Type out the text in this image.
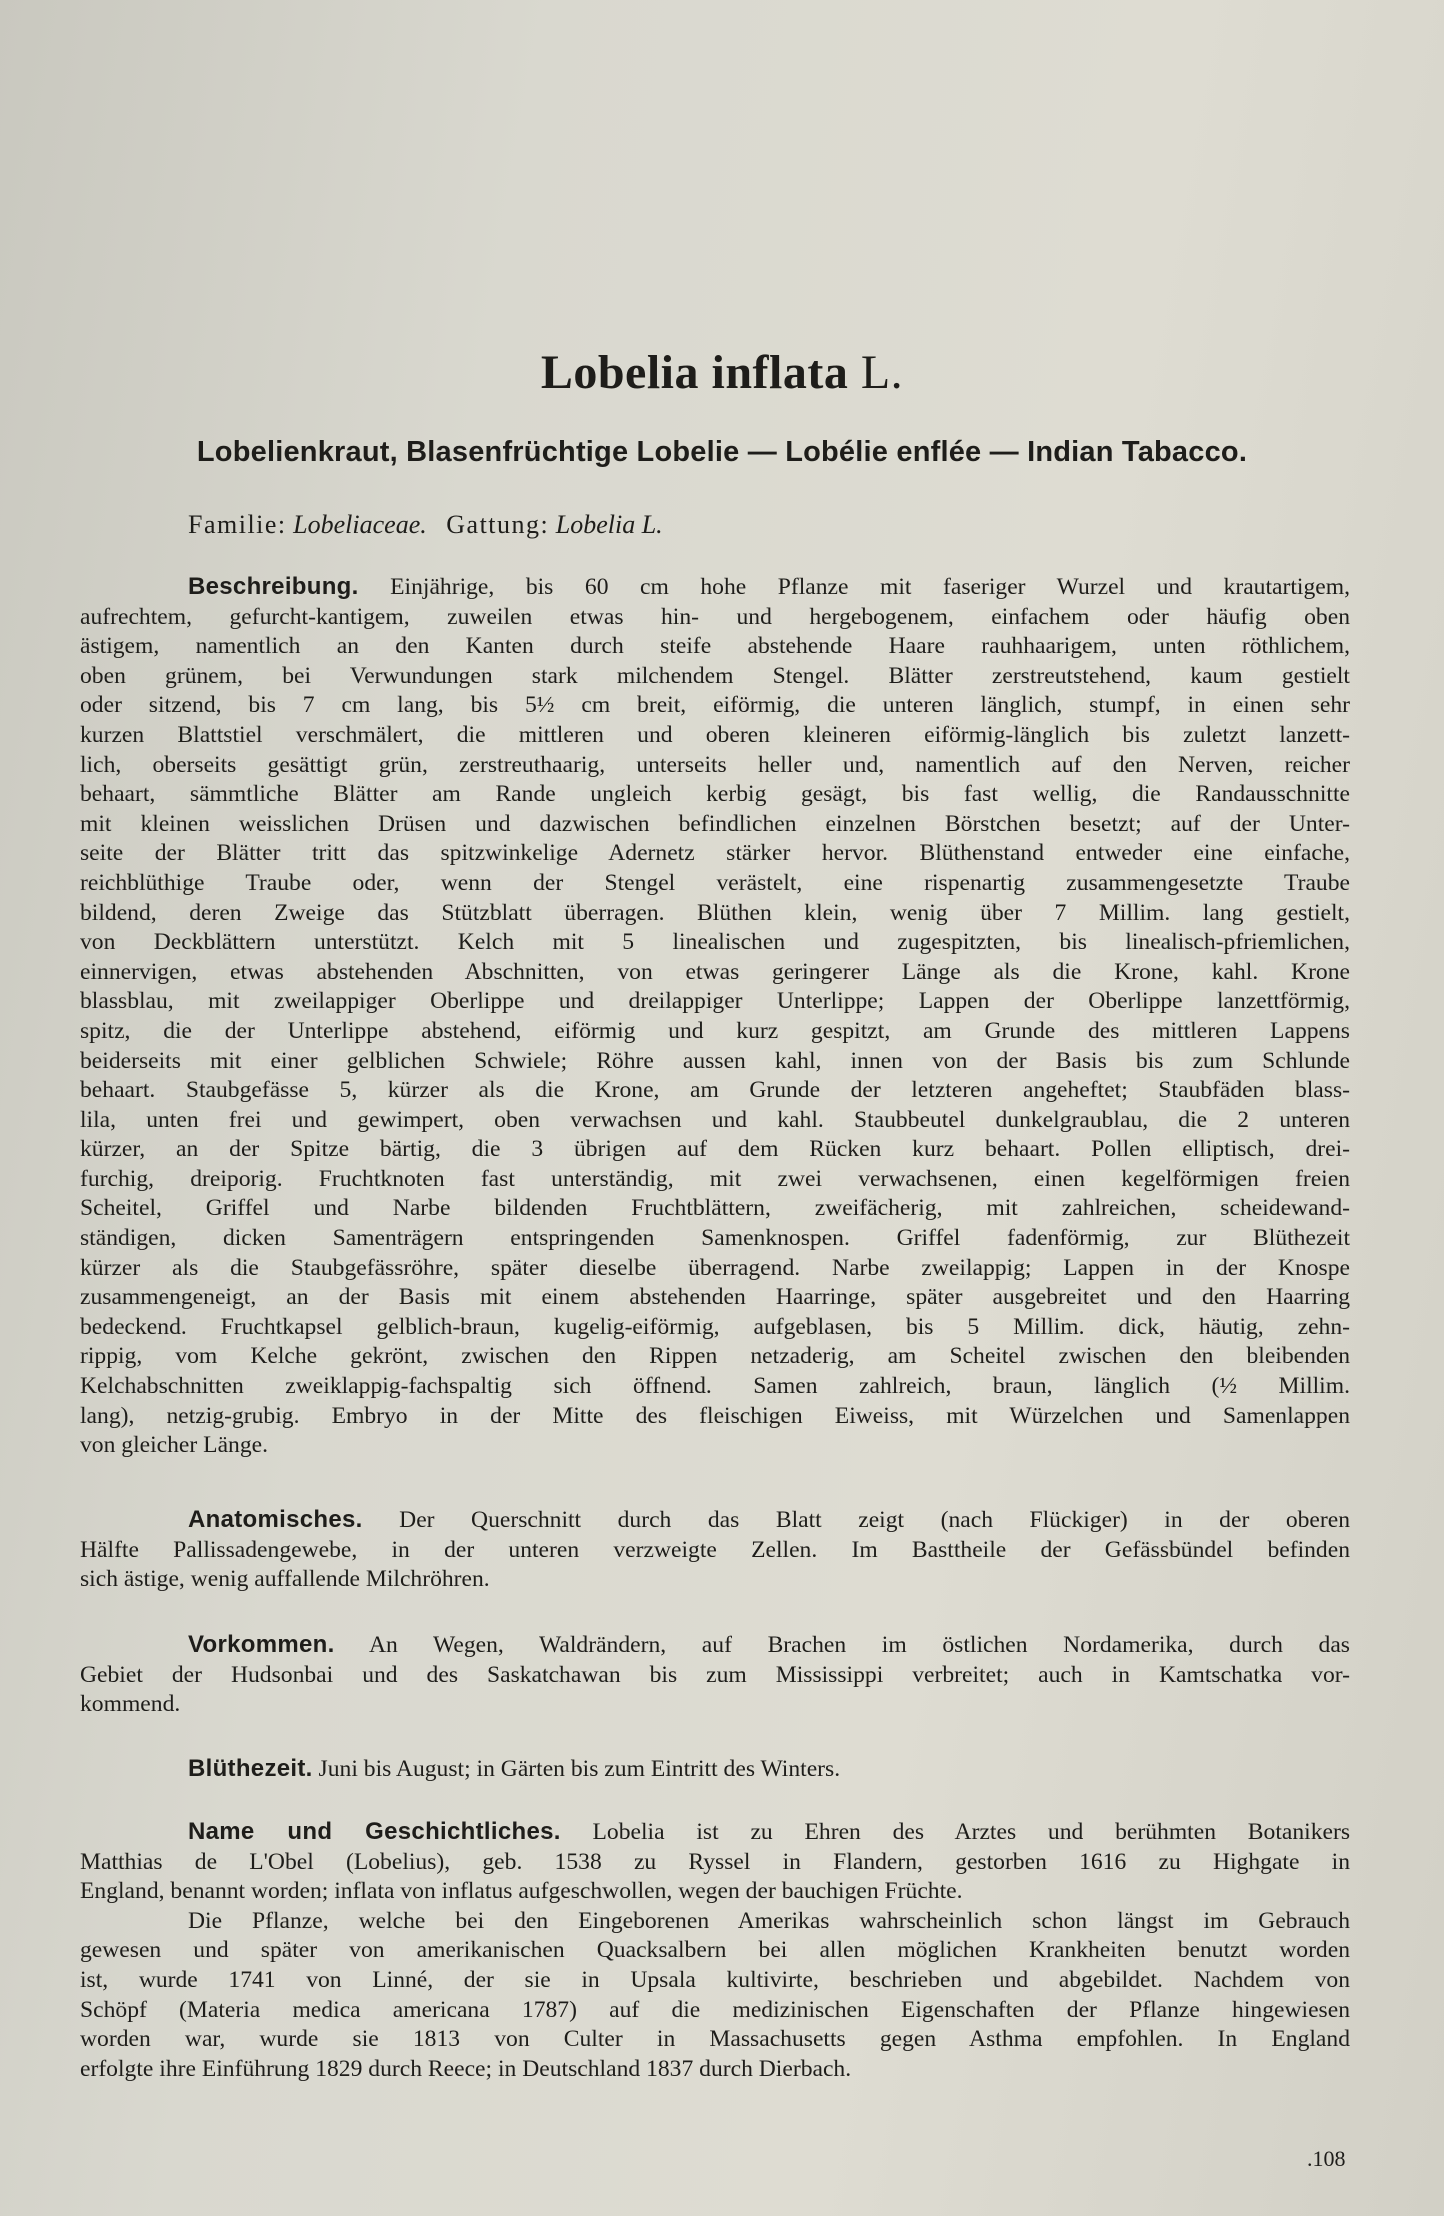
Lobelia inflata L.
Lobelienkraut, Blasenfrüchtige Lobelie — Lobélie enflée — Indian Tabacco.
Familie: Lobeliaceae. Gattung: Lobelia L.
Beschreibung. Einjährige, bis 60 cm hohe Pflanze mit faseriger Wurzel und krautartigem,
aufrechtem, gefurcht-kantigem, zuweilen etwas hin- und hergebogenem, einfachem oder häufig oben
ästigem, namentlich an den Kanten durch steife abstehende Haare rauhhaarigem, unten röthlichem,
oben grünem, bei Verwundungen stark milchendem Stengel. Blätter zerstreutstehend, kaum gestielt
oder sitzend, bis 7 cm lang, bis 5½ cm breit, eiförmig, die unteren länglich, stumpf, in einen sehr
kurzen Blattstiel verschmälert, die mittleren und oberen kleineren eiförmig-länglich bis zuletzt lanzett-
lich, oberseits gesättigt grün, zerstreuthaarig, unterseits heller und, namentlich auf den Nerven, reicher
behaart, sämmtliche Blätter am Rande ungleich kerbig gesägt, bis fast wellig, die Randausschnitte
mit kleinen weisslichen Drüsen und dazwischen befindlichen einzelnen Börstchen besetzt; auf der Unter-
seite der Blätter tritt das spitzwinkelige Adernetz stärker hervor. Blüthenstand entweder eine einfache,
reichblüthige Traube oder, wenn der Stengel verästelt, eine rispenartig zusammengesetzte Traube
bildend, deren Zweige das Stützblatt überragen. Blüthen klein, wenig über 7 Millim. lang gestielt,
von Deckblättern unterstützt. Kelch mit 5 linealischen und zugespitzten, bis linealisch-pfriemlichen,
einnervigen, etwas abstehenden Abschnitten, von etwas geringerer Länge als die Krone, kahl. Krone
blassblau, mit zweilappiger Oberlippe und dreilappiger Unterlippe; Lappen der Oberlippe lanzettförmig,
spitz, die der Unterlippe abstehend, eiförmig und kurz gespitzt, am Grunde des mittleren Lappens
beiderseits mit einer gelblichen Schwiele; Röhre aussen kahl, innen von der Basis bis zum Schlunde
behaart. Staubgefässe 5, kürzer als die Krone, am Grunde der letzteren angeheftet; Staubfäden blass-
lila, unten frei und gewimpert, oben verwachsen und kahl. Staubbeutel dunkelgraublau, die 2 unteren
kürzer, an der Spitze bärtig, die 3 übrigen auf dem Rücken kurz behaart. Pollen elliptisch, drei-
furchig, dreiporig. Fruchtknoten fast unterständig, mit zwei verwachsenen, einen kegelförmigen freien
Scheitel, Griffel und Narbe bildenden Fruchtblättern, zweifächerig, mit zahlreichen, scheidewand-
ständigen, dicken Samenträgern entspringenden Samenknospen. Griffel fadenförmig, zur Blüthezeit
kürzer als die Staubgefässröhre, später dieselbe überragend. Narbe zweilappig; Lappen in der Knospe
zusammengeneigt, an der Basis mit einem abstehenden Haarringe, später ausgebreitet und den Haarring
bedeckend. Fruchtkapsel gelblich-braun, kugelig-eiförmig, aufgeblasen, bis 5 Millim. dick, häutig, zehn-
rippig, vom Kelche gekrönt, zwischen den Rippen netzaderig, am Scheitel zwischen den bleibenden
Kelchabschnitten zweiklappig-fachspaltig sich öffnend. Samen zahlreich, braun, länglich (½ Millim.
lang), netzig-grubig. Embryo in der Mitte des fleischigen Eiweiss, mit Würzelchen und Samenlappen
von gleicher Länge.
Anatomisches. Der Querschnitt durch das Blatt zeigt (nach Flückiger) in der oberen
Hälfte Pallissadengewebe, in der unteren verzweigte Zellen. Im Basttheile der Gefässbündel befinden
sich ästige, wenig auffallende Milchröhren.
Vorkommen. An Wegen, Waldrändern, auf Brachen im östlichen Nordamerika, durch das
Gebiet der Hudsonbai und des Saskatchawan bis zum Mississippi verbreitet; auch in Kamtschatka vor-
kommend.
Blüthezeit. Juni bis August; in Gärten bis zum Eintritt des Winters.
Name und Geschichtliches. Lobelia ist zu Ehren des Arztes und berühmten Botanikers
Matthias de L'Obel (Lobelius), geb. 1538 zu Ryssel in Flandern, gestorben 1616 zu Highgate in
England, benannt worden; inflata von inflatus aufgeschwollen, wegen der bauchigen Früchte.
Die Pflanze, welche bei den Eingeborenen Amerikas wahrscheinlich schon längst im Gebrauch
gewesen und später von amerikanischen Quacksalbern bei allen möglichen Krankheiten benutzt worden
ist, wurde 1741 von Linné, der sie in Upsala kultivirte, beschrieben und abgebildet. Nachdem von
Schöpf (Materia medica americana 1787) auf die medizinischen Eigenschaften der Pflanze hingewiesen
worden war, wurde sie 1813 von Culter in Massachusetts gegen Asthma empfohlen. In England
erfolgte ihre Einführung 1829 durch Reece; in Deutschland 1837 durch Dierbach.
.108
